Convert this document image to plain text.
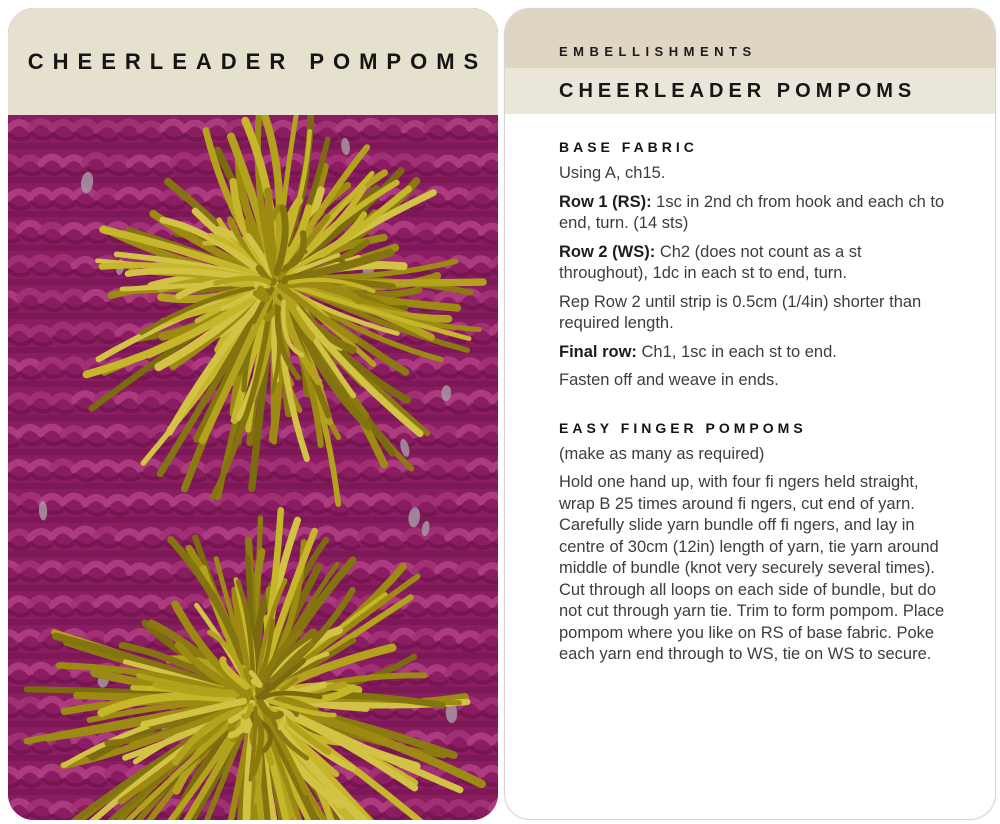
CHEERLEADER POMPOMS	EMBELLISHMENTS
CHEERLEADER POMPOMS
BASE FABRIC

Using A, ch15.

Row 1 (RS): 1sc in 2nd ch from hook and each ch to end, turn. (14 sts)

Row 2 (WS): Ch2 (does not count as a st throughout), 1dc in each st to end, turn.

Rep Row 2 until strip is 0.5cm (1/4in) shorter than required length.

Final row: Ch1, 1sc in each st to end.

Fasten off and weave in ends.

EASY FINGER POMPOMS

(make as many as required)

Hold one hand up, with four fi ngers held straight, wrap B 25 times around fi ngers, cut end of yarn. Carefully slide yarn bundle off fi ngers, and lay in centre of 30cm (12in) length of yarn, tie yarn around middle of bundle (knot very securely several times). Cut through all loops on each side of bundle, but do not cut through yarn tie. Trim to form pompom. Place pompom where you like on RS of base fabric. Poke each yarn end through to WS, tie on WS to secure.
